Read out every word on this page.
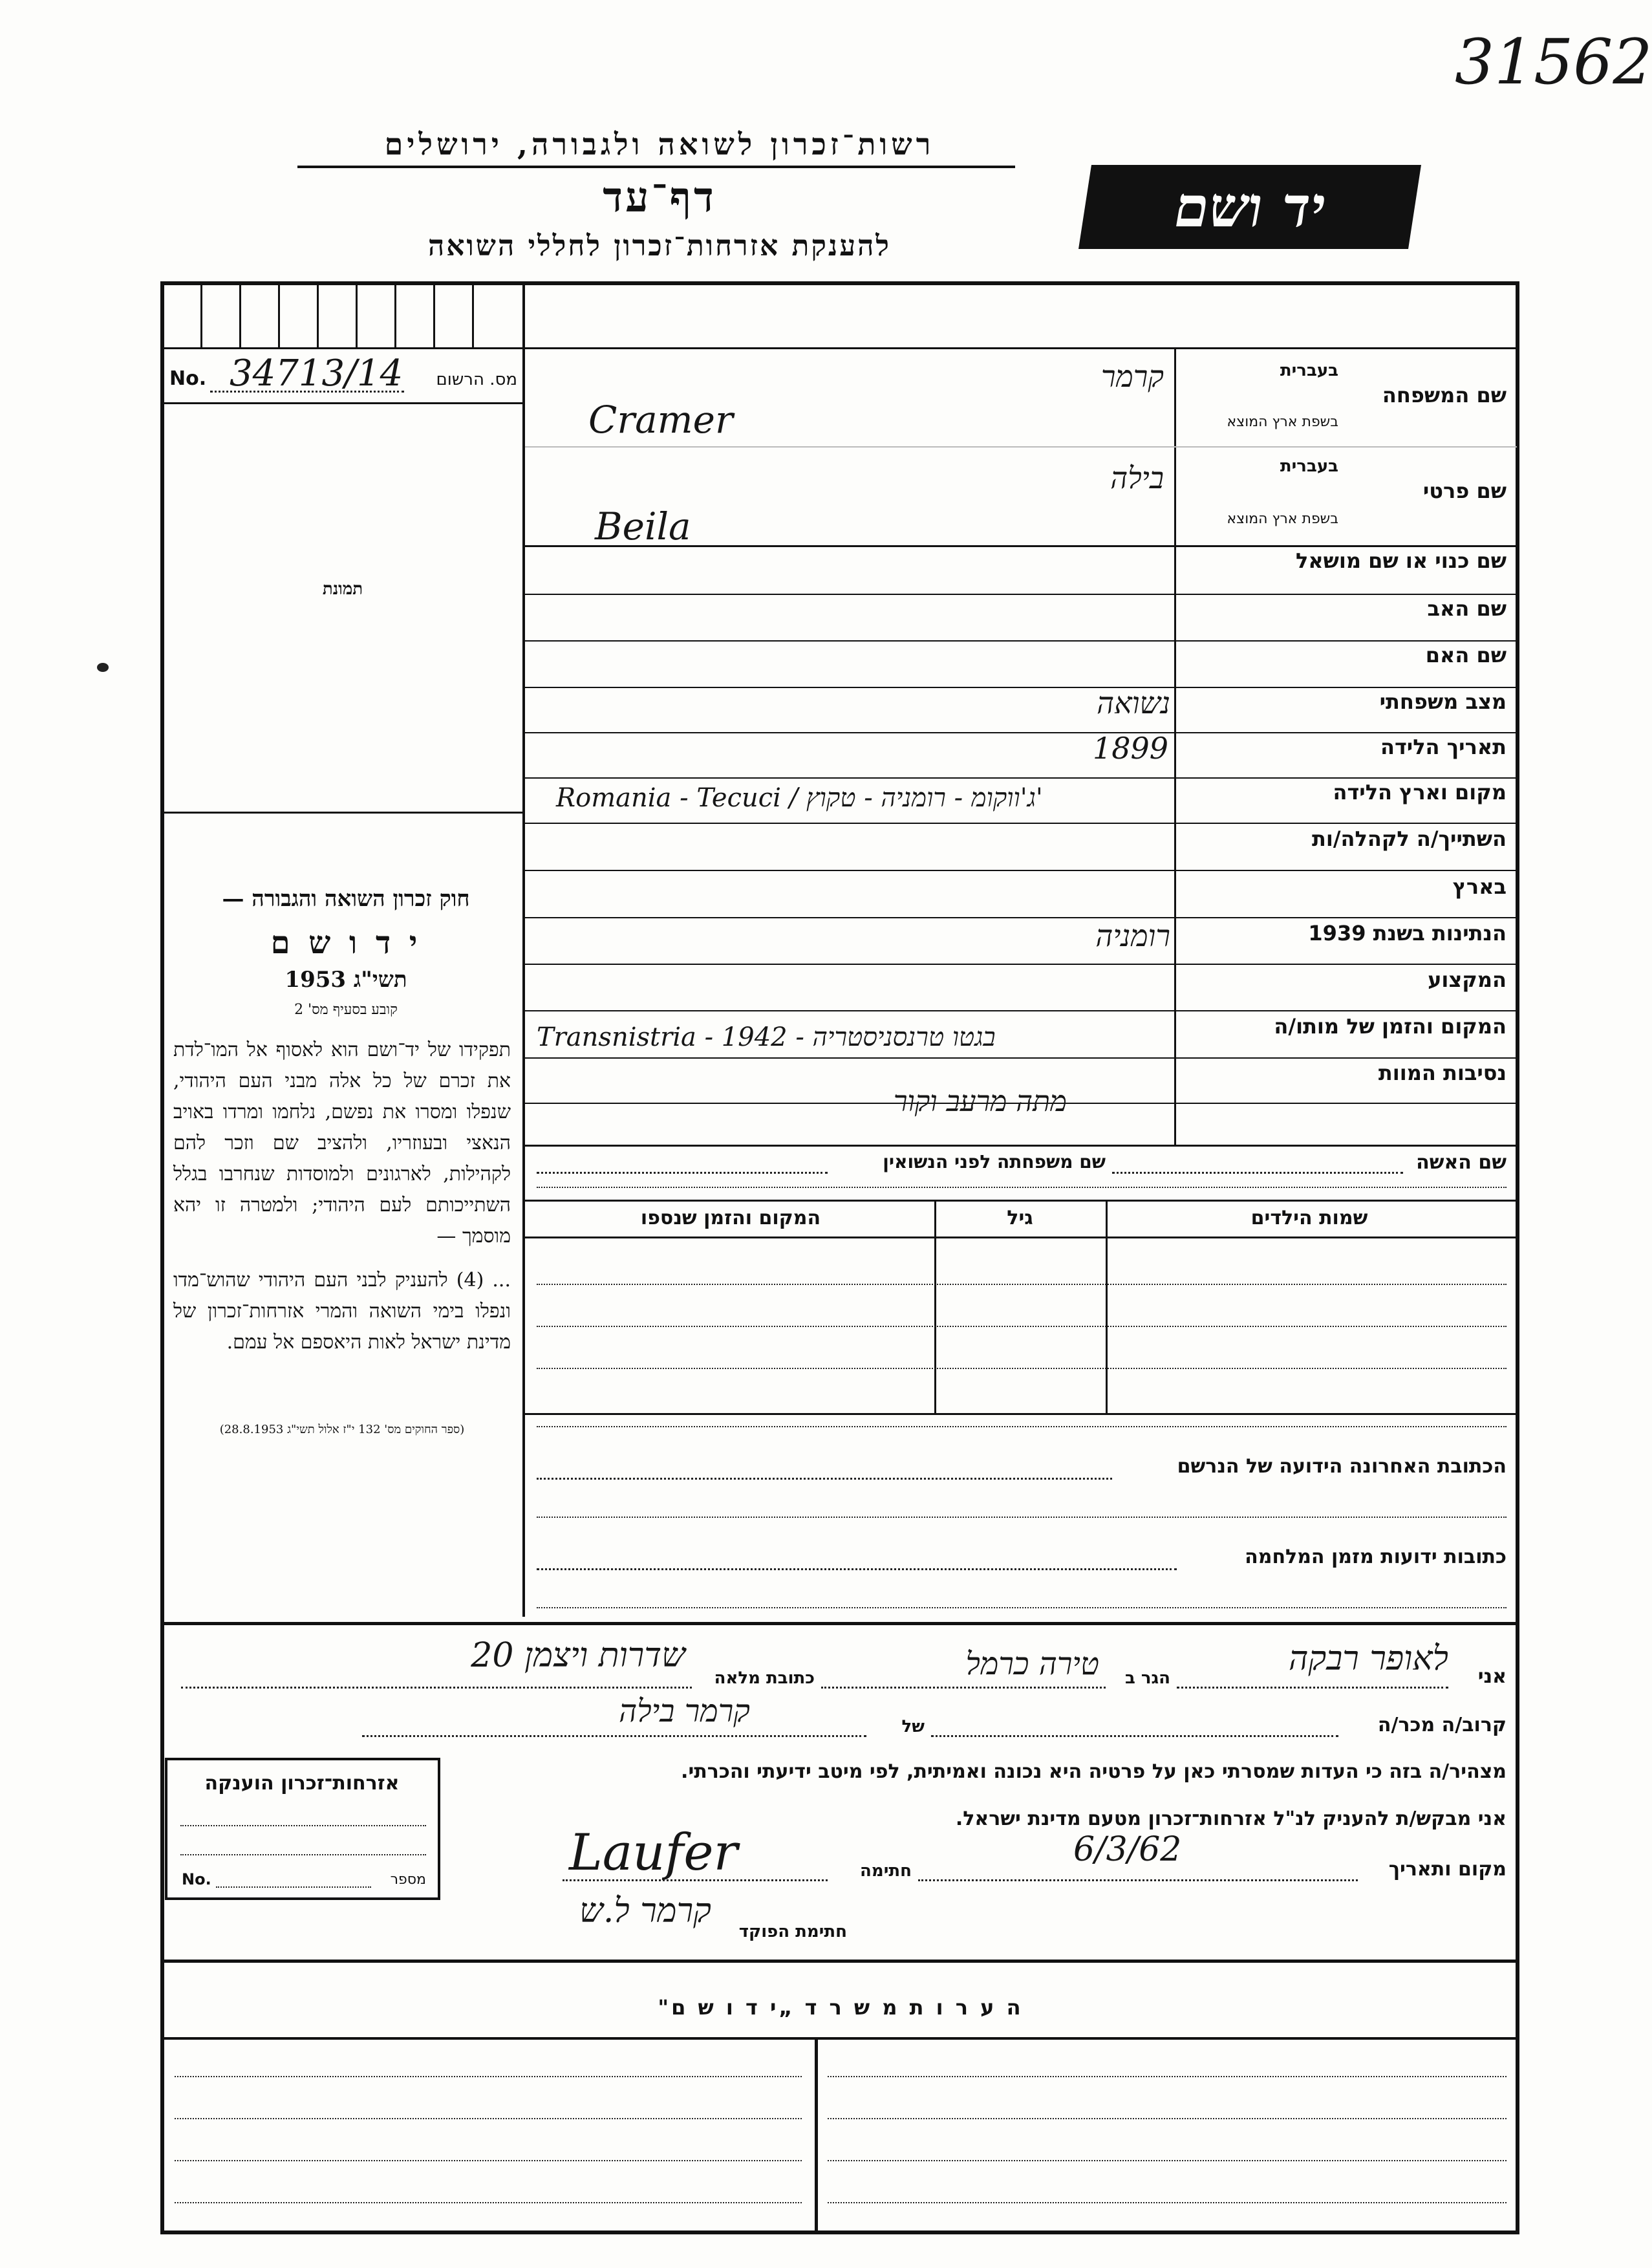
31562
רשות־זכרון לשואה ולגבורה, ירושלים
דף־עד
להענקת אזרחות־זכרון לחללי השואה
יד ושם
No. 34713/14	מס. הרשום
תמונת
בעברית
שם המשפחה
בשפת ארץ המוצא
קרמר
Cramer
בעברית
שם פרטי
בשפת ארץ המוצא
בילה
Beila
שם כנוי או שם מושאל
שם האב
שם האם
מצב משפחתי
נשואה
תאריך הלידה
1899
מקום וארץ הלידה
Romania - Tecuci / ג'ווקומ - רומניה - טקוץ'
השתייך/ה לקהלה/ות
בארץ
הנתינות בשנת 1939
רומניה
המקצוע
המקום והזמן של מותו/ה
Transnistria - 1942 - בגטו טרנסניסטריה
נסיבות המוות
מתה מרעב וקור
חוק זכרון השואה והגבורה —
י ד ו ש ם
תשי"ג 1953
קובע בסעיף מס' 2
תפקידו של יד־ושם הוא לאסוף אל המו־לדת את זכרם של כל אלה מבני העם היהודי, שנפלו ומסרו את נפשם, נלחמו ומרדו באויב הנאצי ובעוזריו, ולהציב שם וזכר להם לקהילות, לארגונים ולמוסדות שנחרבו בגלל השתייכותם לעם היהודי; ולמטרה זו יהא מוסמך —
... (4) להעניק לבני העם היהודי שהוש־מדו ונפלו בימי השואה והמרי אזרחות־זכרון של מדינת ישראל לאות היאספם אל עמם.
(ספר החוקים מס' 132 י"ז אלול תשי"ג 28.8.1953)
שם האשה
שם משפחתה לפני הנשואין
שמות הילדים
גיל
המקום והזמן שנספו
הכתובת האחרונה הידועה של הנרשם
כתובות ידועות מזמן המלחמה
אני
לאופר רבקה
הגר ב
טירה כרמל
כתובת מלאה
שדרות ויצמן 20
קרוב/ה מכר/ה
של
קרמר בילה
מצהיר/ה בזה כי העדות שמסרתי כאן על פרטיה היא נכונה ואמיתית, לפי מיטב ידיעתי והכרתי.
אני מבקש/ת להעניק לנ"ל אזרחות־זכרון מטעם מדינת ישראל.
מקום ותאריך
6/3/62
חתימה
Laufer
חתימת הפוקד
קרמר ל.ש
אזרחות־זכרון הוענקה
No.	מספר
ה ע ר ו ת מ ש ר ד „י ד ו ש ם"
